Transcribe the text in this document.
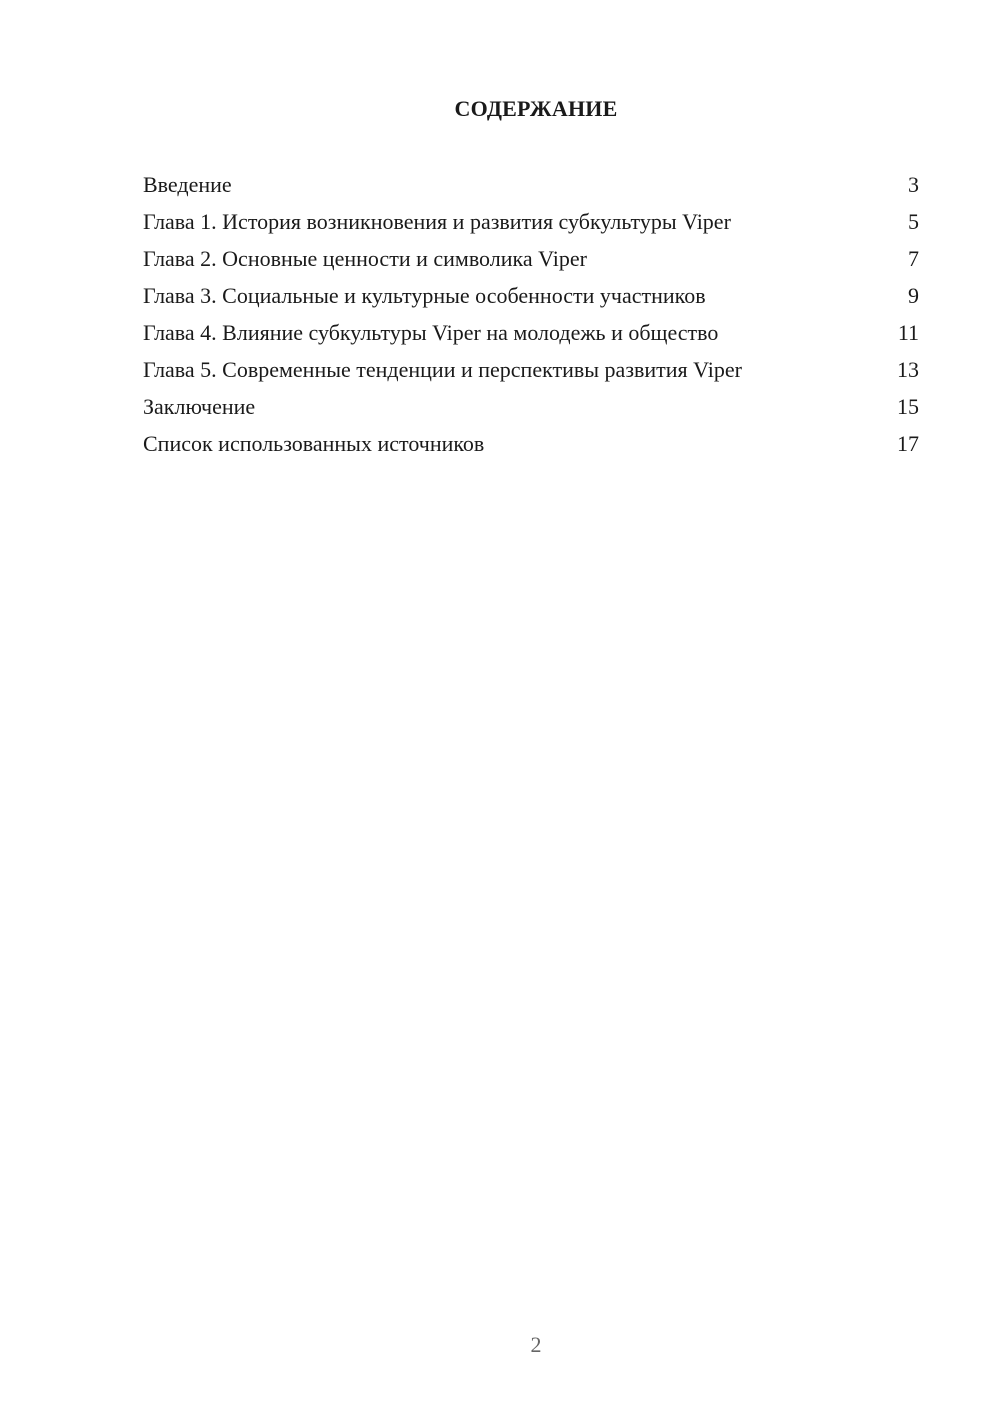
СОДЕРЖАНИЕ
Введение	3
Глава 1. История возникновения и развития субкультуры Viper	5
Глава 2. Основные ценности и символика Viper	7
Глава 3. Социальные и культурные особенности участников	9
Глава 4. Влияние субкультуры Viper на молодежь и общество	11
Глава 5. Современные тенденции и перспективы развития Viper	13
Заключение	15
Список использованных источников	17
2
